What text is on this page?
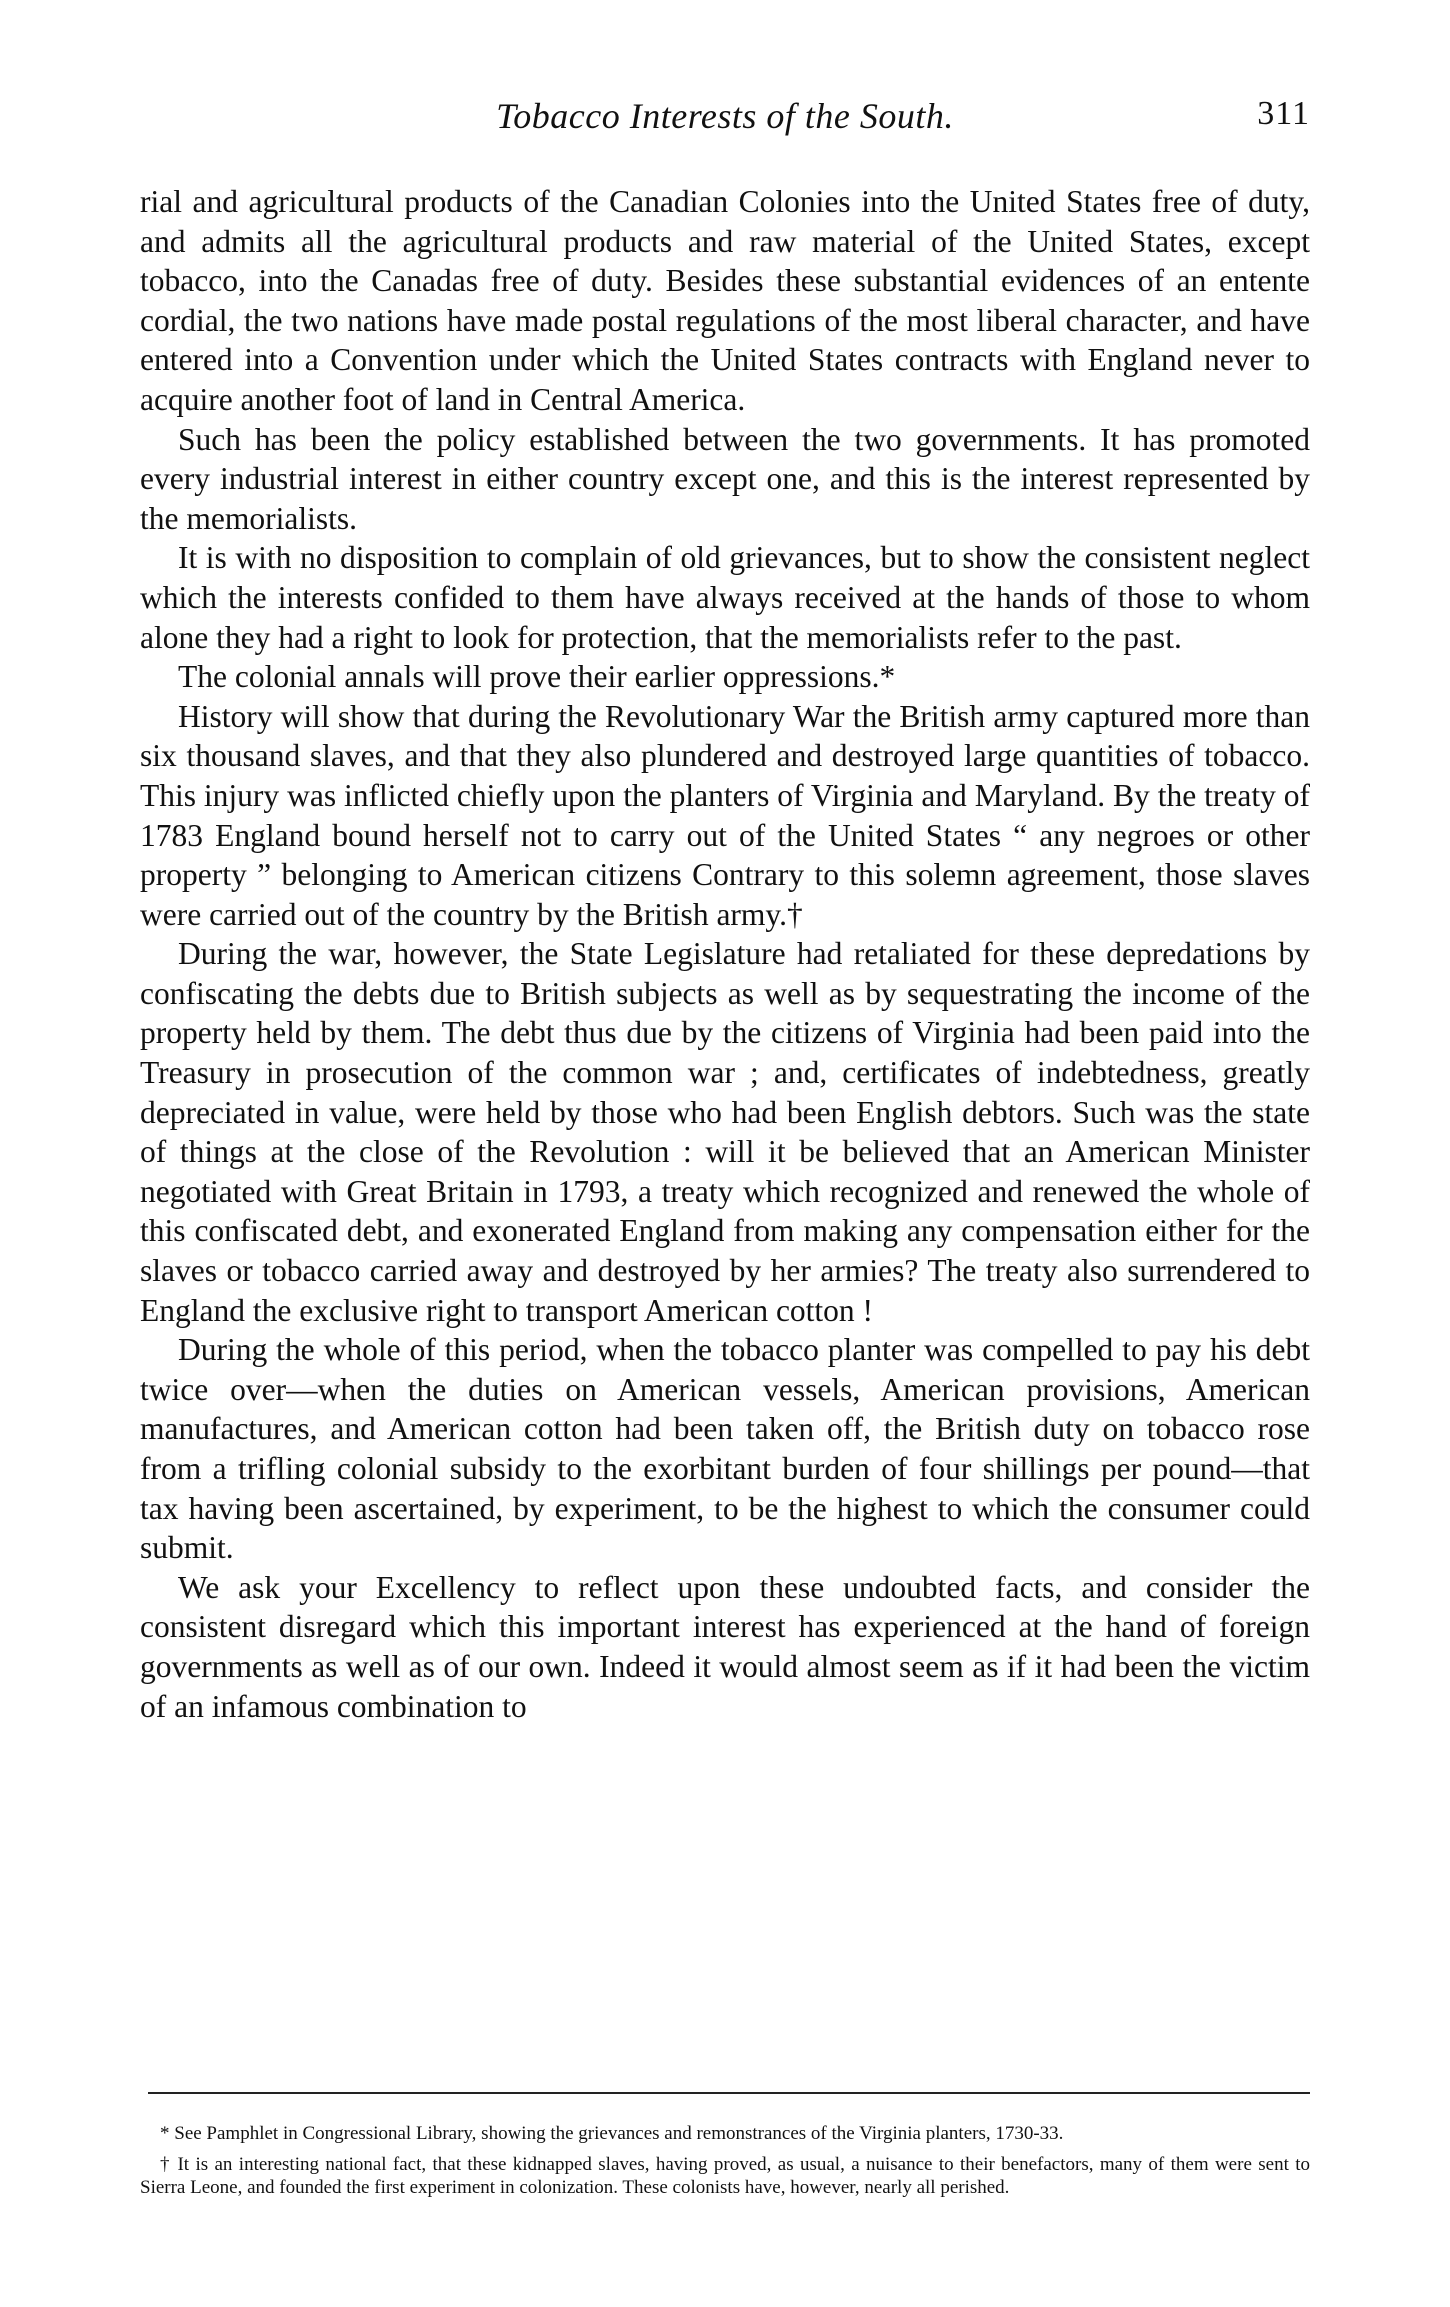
Tobacco Interests of the South.	311

rial and agricultural products of the Canadian Colonies into the United States free of duty, and admits all the agricultural products and raw material of the United States, except tobacco, into the Canadas free of duty. Besides these substantial evidences of an entente cordial, the two nations have made postal regulations of the most liberal character, and have entered into a Convention under which the United States contracts with England never to acquire another foot of land in Central America.

Such has been the policy established between the two governments. It has promoted every industrial interest in either country except one, and this is the interest represented by the memorialists.

It is with no disposition to complain of old grievances, but to show the consistent neglect which the interests confided to them have always received at the hands of those to whom alone they had a right to look for protection, that the memorialists refer to the past.

The colonial annals will prove their earlier oppressions.*

History will show that during the Revolutionary War the British army captured more than six thousand slaves, and that they also plundered and destroyed large quantities of tobacco. This injury was inflicted chiefly upon the planters of Virginia and Maryland. By the treaty of 1783 England bound herself not to carry out of the United States “ any negroes or other property ” belonging to American citizens Contrary to this solemn agreement, those slaves were carried out of the country by the British army.†

During the war, however, the State Legislature had retaliated for these depredations by confiscating the debts due to British subjects as well as by sequestrating the income of the property held by them. The debt thus due by the citizens of Virginia had been paid into the Treasury in prosecution of the common war ; and, certificates of indebtedness, greatly depreciated in value, were held by those who had been English debtors. Such was the state of things at the close of the Revolution : will it be believed that an American Minister negotiated with Great Britain in 1793, a treaty which recognized and renewed the whole of this confiscated debt, and exonerated England from making any compensation either for the slaves or tobacco carried away and destroyed by her armies? The treaty also surrendered to England the exclusive right to transport American cotton !

During the whole of this period, when the tobacco planter was compelled to pay his debt twice over—when the duties on American vessels, American provisions, American manufactures, and American cotton had been taken off, the British duty on tobacco rose from a trifling colonial subsidy to the exorbitant burden of four shillings per pound—that tax having been ascertained, by experiment, to be the highest to which the consumer could submit.

We ask your Excellency to reflect upon these undoubted facts, and consider the consistent disregard which this important interest has experienced at the hand of foreign governments as well as of our own. Indeed it would almost seem as if it had been the victim of an infamous combination to

* See Pamphlet in Congressional Library, showing the grievances and remonstrances of the Virginia planters, 1730-33.

† It is an interesting national fact, that these kidnapped slaves, having proved, as usual, a nuisance to their benefactors, many of them were sent to Sierra Leone, and founded the first experiment in colonization. These colonists have, however, nearly all perished.
